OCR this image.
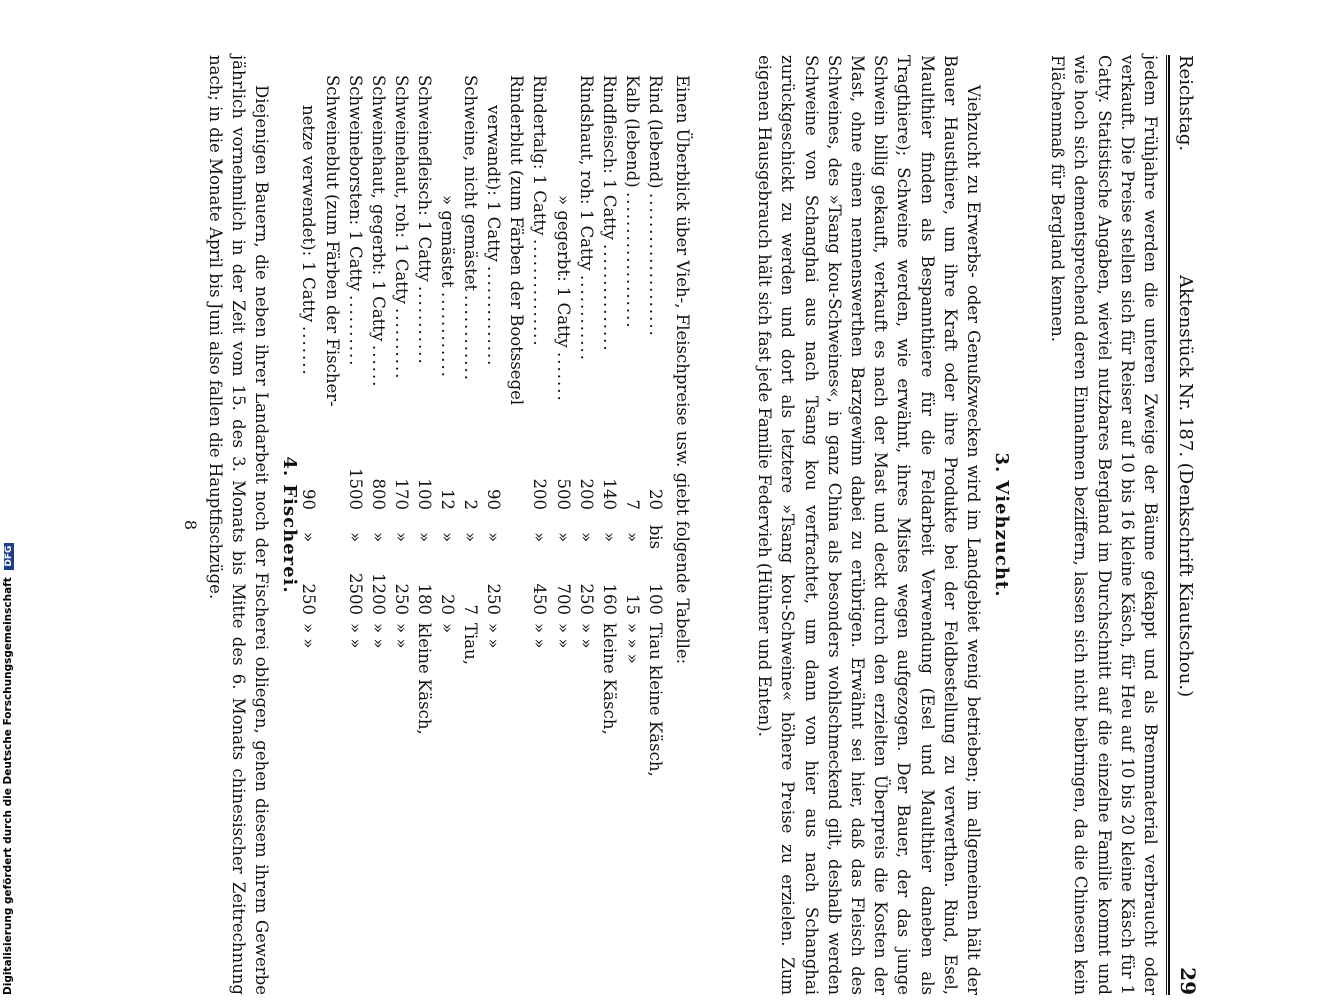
Reichstag.
Aktenstück Nr. 187. (Denkschrift Kiautschou.)
29
jedem Frühjahre werden die unteren Zweige der Bäume gekappt und als Brennmaterial verbraucht oder verkauft. Die Preise stellen sich für Reiser auf 10 bis 16 kleine Käsch, für Heu auf 10 bis 20 kleine Käsch für 1 Catty. Statistische Angaben, wieviel nutzbares Bergland im Durchschnitt auf die einzelne Familie kommt und wie hoch sich dementsprechend deren Einnahmen beziffern, lassen sich nicht beibringen, da die Chinesen kein Flächenmaß für Bergland kennen.
3. Viehzucht.
Viehzucht zu Erwerbs- oder Genußzwecken wird im Landgebiet wenig betrieben; im allgemeinen hält der Bauer Hausthiere, um ihre Kraft oder ihre Produkte bei der Feldbestellung zu verwerthen. Rind, Esel, Maulthier finden als Bespannthiere für die Feldarbeit Verwendung (Esel und Maulthier daneben als Tragthiere); Schweine werden, wie erwähnt, ihres Mistes wegen aufgezogen. Der Bauer, der das junge Schwein billig gekauft, verkauft es nach der Mast und deckt durch den erzielten Überpreis die Kosten der Mast, ohne einen nennenswerthen Barzgewinn dabei zu erübrigen. Erwähnt sei hier, daß das Fleisch des Schweines, des »Tsang kou-Schweines«, in ganz China als besonders wohlschmeckend gilt, deshalb werden Schweine von Schanghai aus nach Tsang kou verfrachtet, um dann von hier aus nach Schanghai zurückgeschickt zu werden und dort als letztere »Tsang kou-Schweine« höhere Preise zu erzielen. Zum eigenen Hausgebrauch hält sich fast jede Familie Federvieh (Hühner und Enten).
Einen Überblick über Vieh-, Fleischpreise usw. giebt folgende Tabelle:
4. Fischerei.
Diejenigen Bauern, die neben ihrer Landarbeit noch der Fischerei obliegen, gehen diesem ihrem Gewerbe jährlich vornehmlich in der Zeit vom 15. des 3. Monats bis Mitte des 6. Monats chinesischer Zeitrechnung nach; in die Monate April bis Juni also fallen die Hauptfischzüge.
8
Rind (lebend)
....................
20
bis
100
Tiau kleine Käsch,
Kalb (lebend)
...................
7
»
15
» » »
Rindfleisch: 1 Catty
...............
140
»
160
kleine Käsch,
Rindshaut, roh: 1 Catty
............
200
»
250
» »
» gegerbt: 1 Catty
.......
500
»
700
» »
Rindertalg: 1 Catty
...............
200
»
450
» »
Rinderblut (zum Färben der Bootssegel
verwandt): 1 Catty
..............
90
»
250
» »
Schweine, nicht gemästet
............
2
»
7
Tiau,
» gemästet
............
12
»
20
»
Schweinefleisch: 1 Catty
...........
100
»
180
kleine Käsch,
Schweinehaut, roh: 1 Catty
..........
170
»
250
» »
Schweinehaut, gegerbt: 1 Catty
......
800
»
1200
» »
Schweineborsten: 1 Catty
..........
1500
»
2500
» »
Schweineblut (zum Färben der Fischer-
netze verwendet): 1 Catty
.......
90
»
250
» »
Digitalisierung gefördert durch die Deutsche Forschungsgemeinschaft DFG
